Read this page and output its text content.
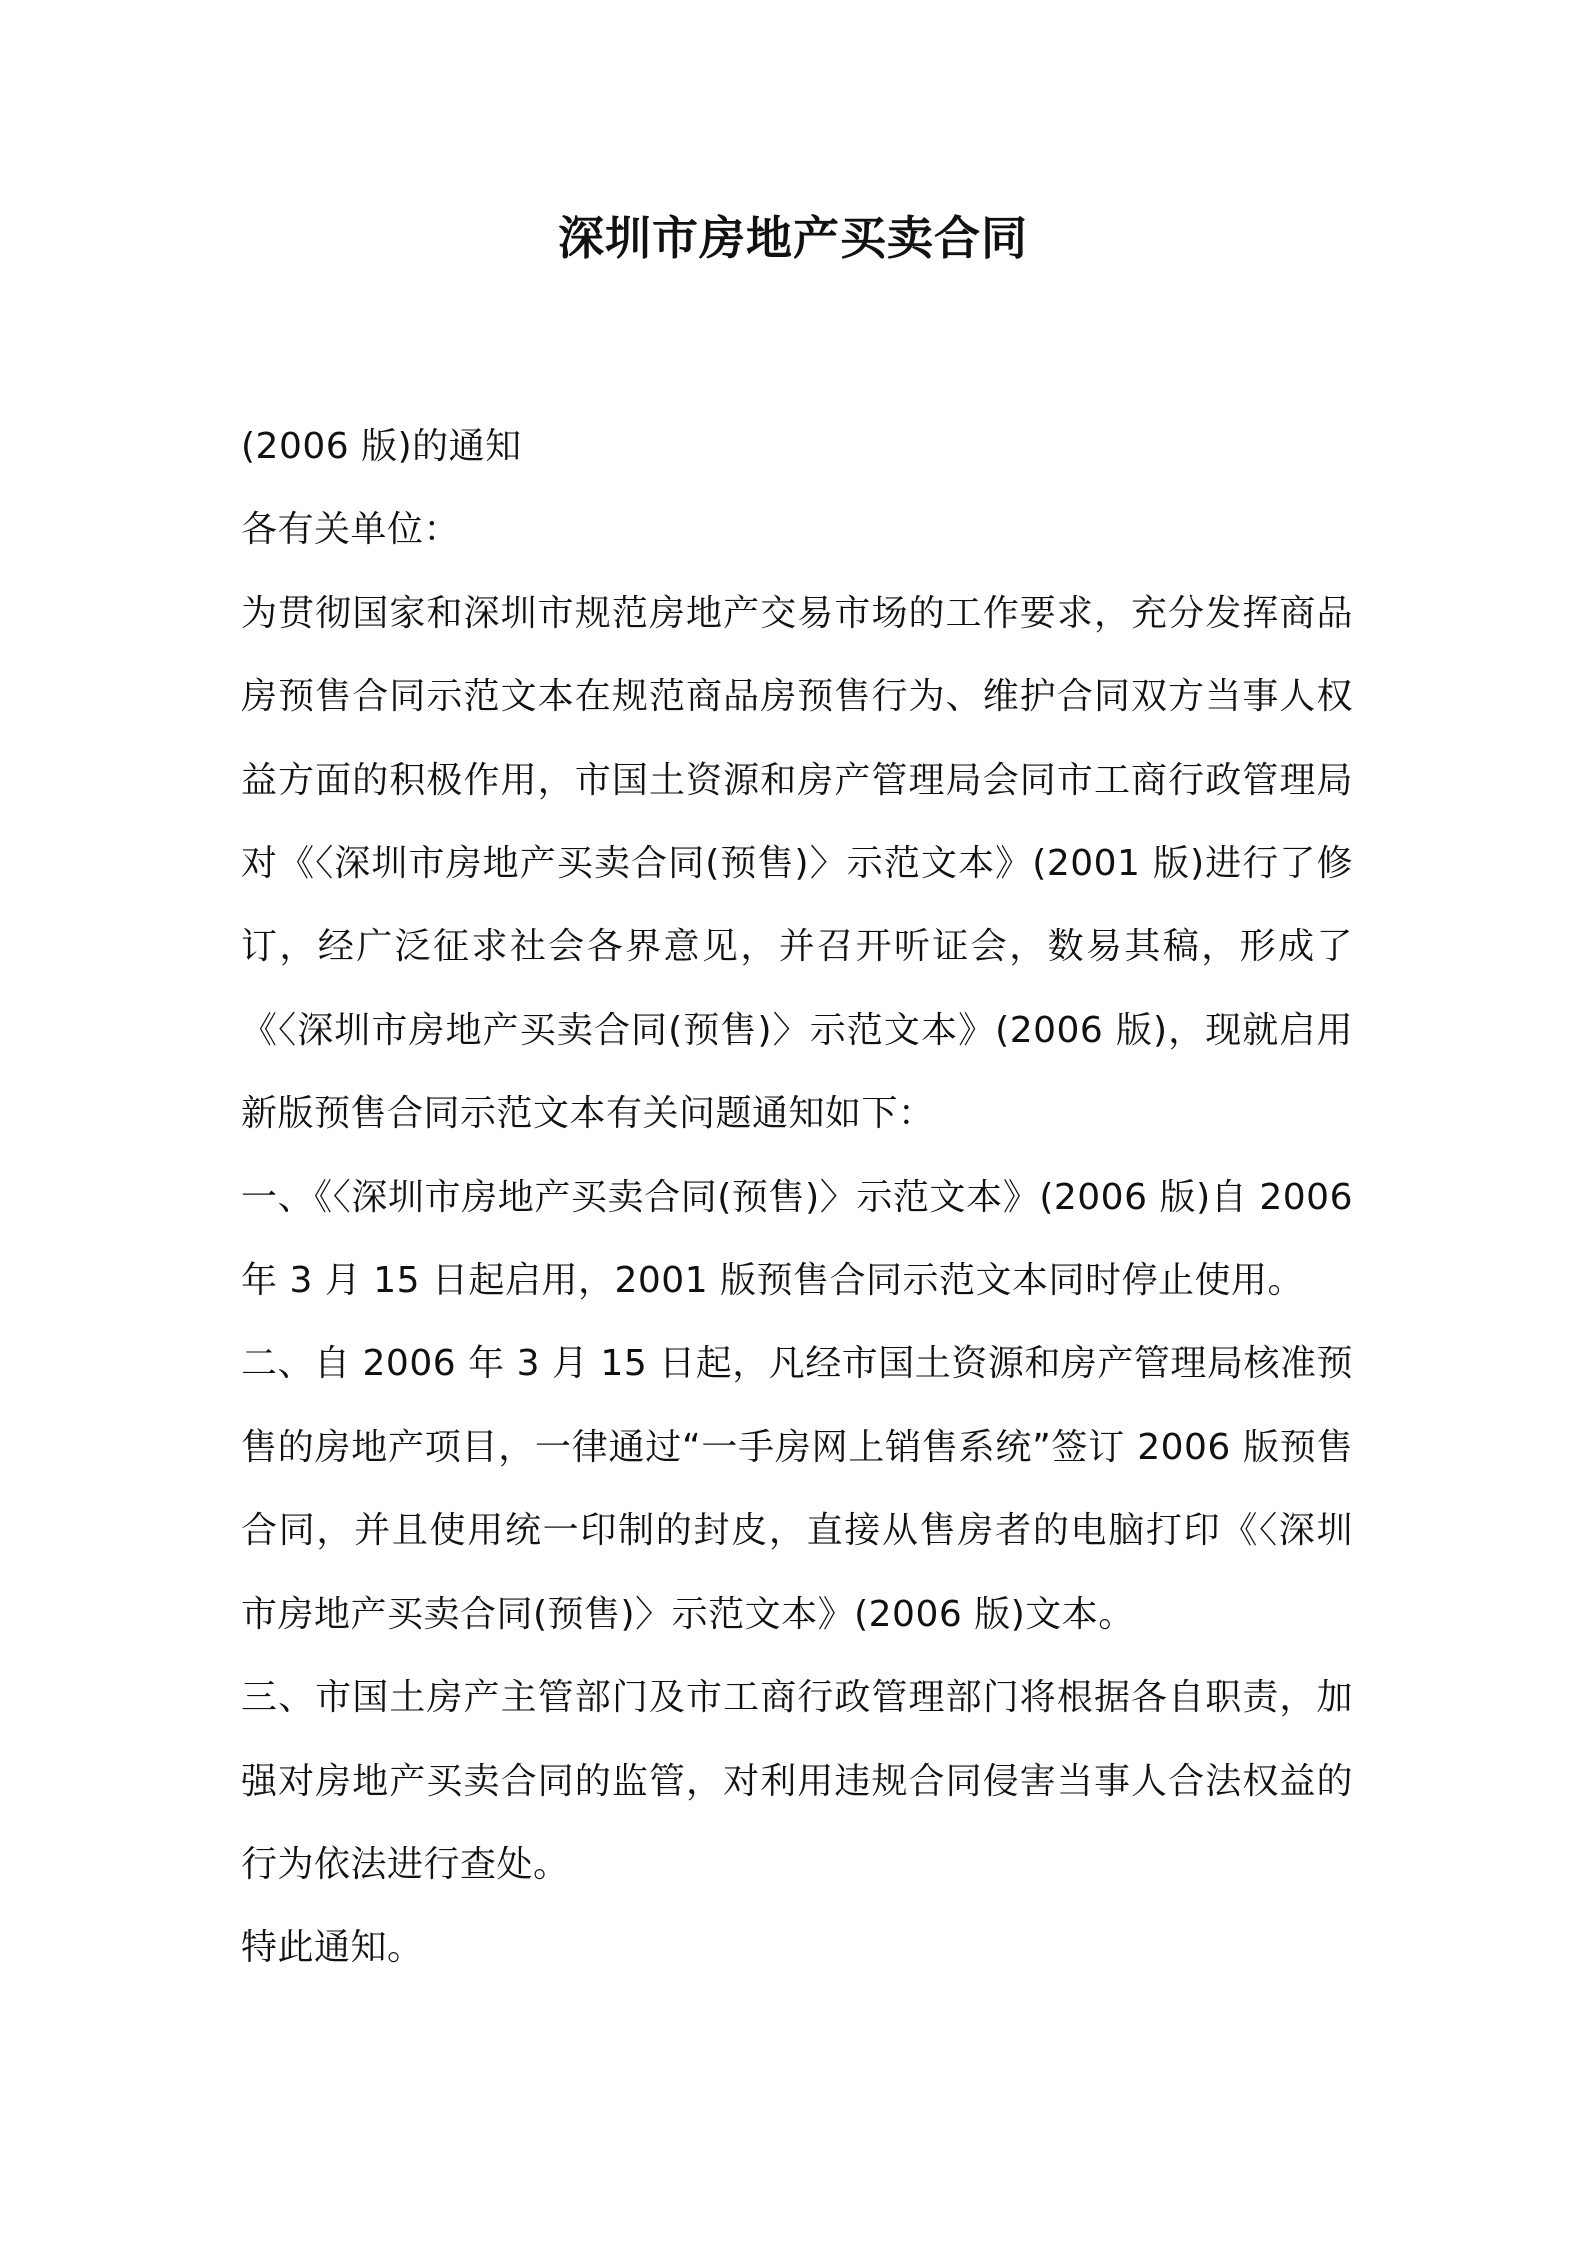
深圳市房地产买卖合同

(2006 版)的通知

各有关单位：

为贯彻国家和深圳市规范房地产交易市场的工作要求，充分发挥商品房预售合同示范文本在规范商品房预售行为、维护合同双方当事人权益方面的积极作用，市国土资源和房产管理局会同市工商行政管理局对《〈深圳市房地产买卖合同(预售)〉示范文本》(2001 版)进行了修订，经广泛征求社会各界意见，并召开听证会，数易其稿，形成了《〈深圳市房地产买卖合同(预售)〉示范文本》(2006 版)，现就启用新版预售合同示范文本有关问题通知如下：

一、《〈深圳市房地产买卖合同(预售)〉示范文本》(2006 版)自 2006 年 3 月 15 日起启用，2001 版预售合同示范文本同时停止使用。

二、自 2006 年 3 月 15 日起，凡经市国土资源和房产管理局核准预售的房地产项目，一律通过“一手房网上销售系统”签订 2006 版预售合同，并且使用统一印制的封皮，直接从售房者的电脑打印《〈深圳市房地产买卖合同(预售)〉示范文本》(2006 版)文本。

三、市国土房产主管部门及市工商行政管理部门将根据各自职责，加强对房地产买卖合同的监管，对利用违规合同侵害当事人合法权益的行为依法进行查处。

特此通知。
